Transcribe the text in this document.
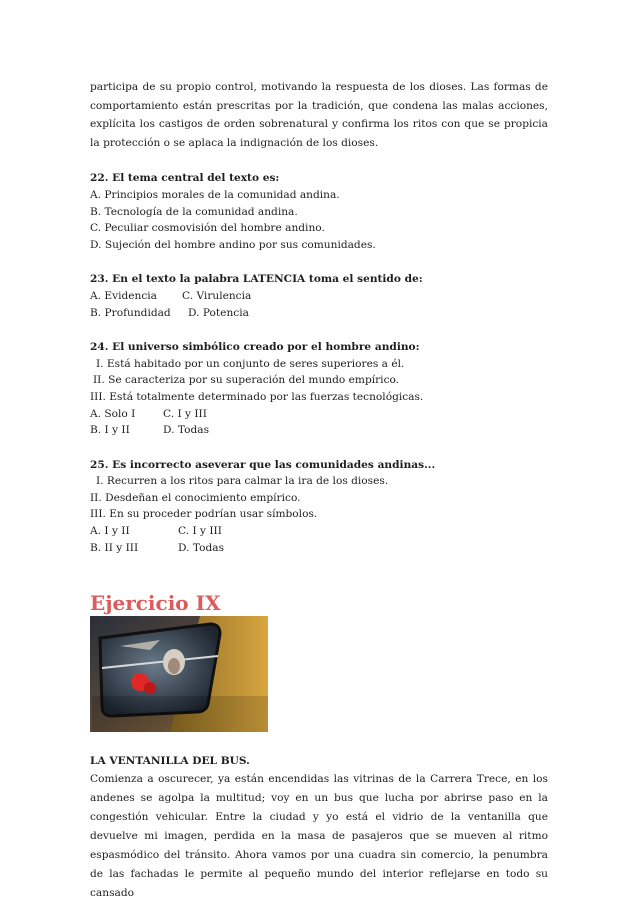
participa de su propio control, motivando la respuesta de los dioses. Las formas de comportamiento están prescritas por la tradición, que condena las malas acciones, explícita los castigos de orden sobrenatural y confirma los ritos con que se propicia la protección o se aplaca la indignación de los dioses.

22. El tema central del texto es:
A. Principios morales de la comunidad andina.
B. Tecnología de la comunidad andina.
C. Peculiar cosmovisión del hombre andino.
D. Sujeción del hombre andino por sus comunidades.
23. En el texto la palabra LATENCIA toma el sentido de:
A. Evidencia	C. Virulencia
B. Profundidad	D. Potencia
24. El universo simbólico creado por el hombre andino:
I. Está habitado por un conjunto de seres superiores a él.
II. Se caracteriza por su superación del mundo empírico.
III. Está totalmente determinado por las fuerzas tecnológicas.
A. Solo I	C. I y III
B. I y II	D. Todas
25. Es incorrecto aseverar que las comunidades andinas...
I. Recurren a los ritos para calmar la ira de los dioses.
II. Desdeñan el conocimiento empírico.
III. En su proceder podrían usar símbolos.
A. I y II	C. I y III
B. II y III	D. Todas
Ejercicio IX
LA VENTANILLA DEL BUS.

Comienza a oscurecer, ya están encendidas las vitrinas de la Carrera Trece, en los andenes se agolpa la multitud; voy en un bus que lucha por abrirse paso en la congestión vehicular. Entre la ciudad y yo está el vidrio de la ventanilla que devuelve mi imagen, perdida en la masa de pasajeros que se mueven al ritmo espasmódico del tránsito. Ahora vamos por una cuadra sin comercio, la penumbra de las fachadas le permite al pequeño mundo del interior reflejarse en todo su cansado
